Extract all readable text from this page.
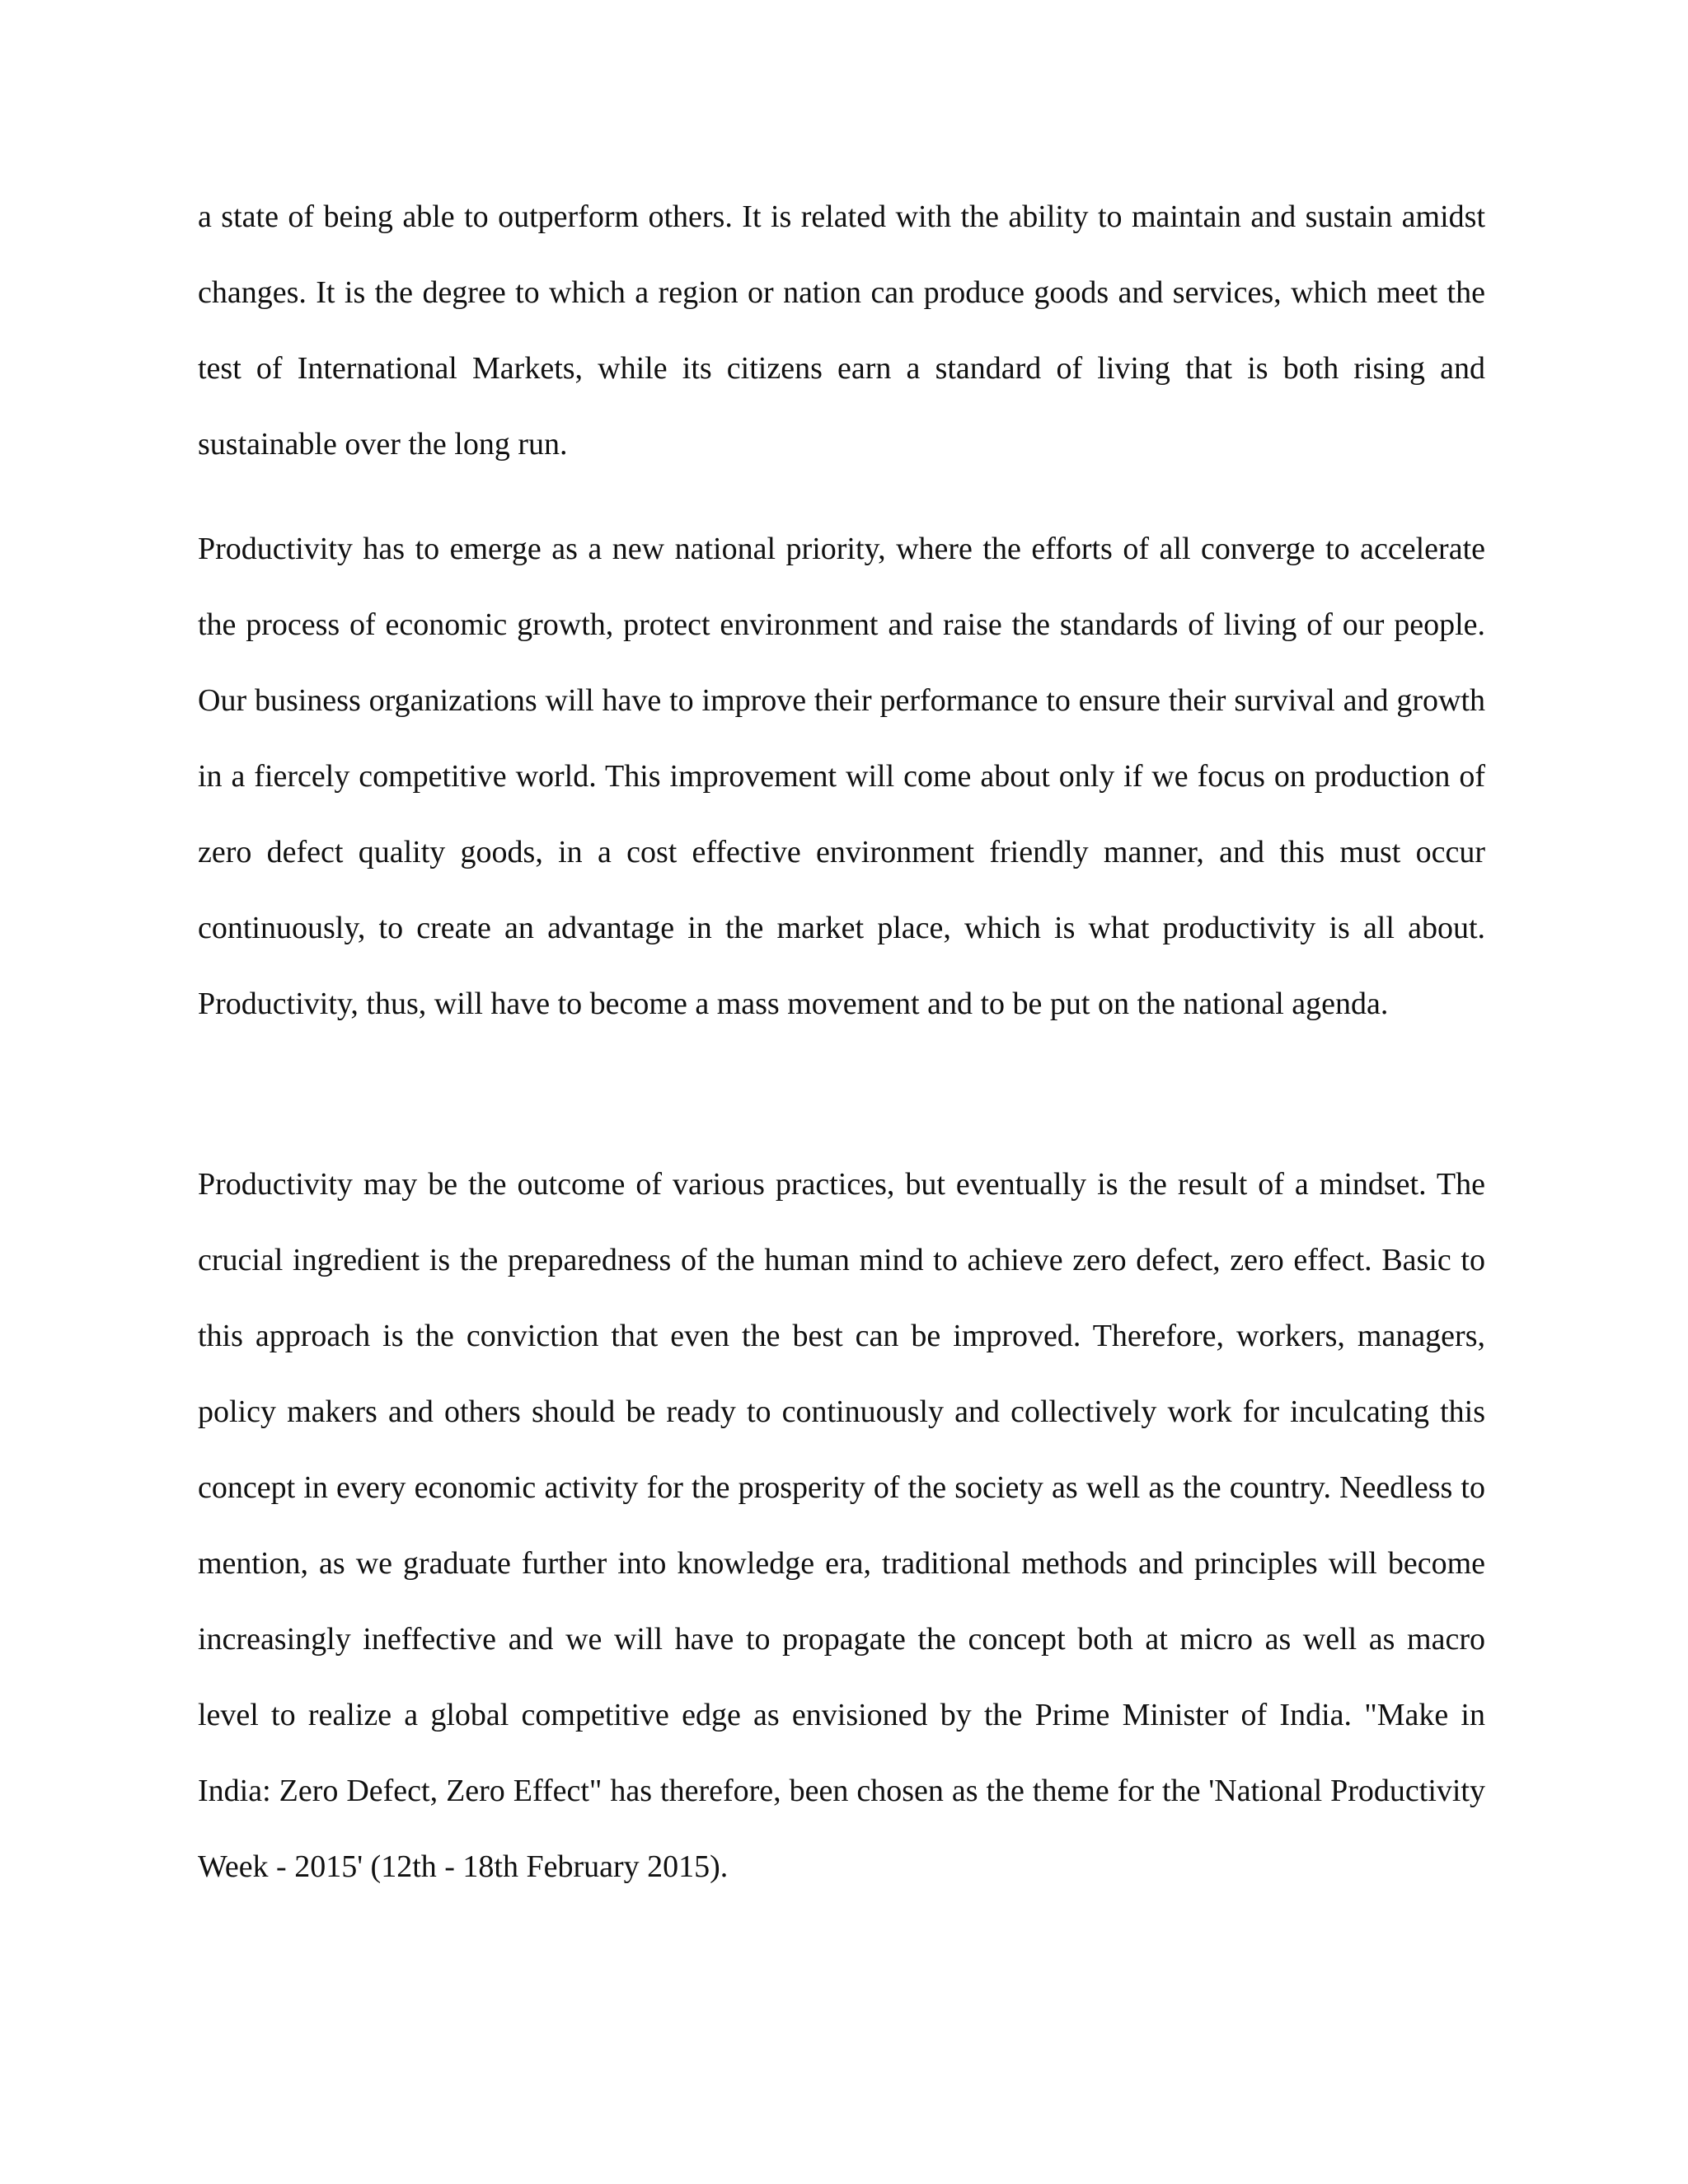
a state of being able to outperform others. It is related with the ability to maintain and sustain amidst changes. It is the degree to which a region or nation can produce goods and services, which meet the test of International Markets, while its citizens earn a standard of living that is both rising and sustainable over the long run.

Productivity has to emerge as a new national priority, where the efforts of all converge to accelerate the process of economic growth, protect environment and raise the standards of living of our people. Our business organizations will have to improve their performance to ensure their survival and growth in a fiercely competitive world. This improvement will come about only if we focus on production of zero defect quality goods, in a cost effective environment friendly manner, and this must occur continuously, to create an advantage in the market place, which is what productivity is all about. Productivity, thus, will have to become a mass movement and to be put on the national agenda.

Productivity may be the outcome of various practices, but eventually is the result of a mindset. The crucial ingredient is the preparedness of the human mind to achieve zero defect, zero effect. Basic to this approach is the conviction that even the best can be improved. Therefore, workers, managers, policy makers and others should be ready to continuously and collectively work for inculcating this concept in every economic activity for the prosperity of the society as well as the country. Needless to mention, as we graduate further into knowledge era, traditional methods and principles will become increasingly ineffective and we will have to propagate the concept both at micro as well as macro level to realize a global competitive edge as envisioned by the Prime Minister of India. "Make in India: Zero Defect, Zero Effect" has therefore, been chosen as the theme for the 'National Productivity Week - 2015' (12th - 18th February 2015).
